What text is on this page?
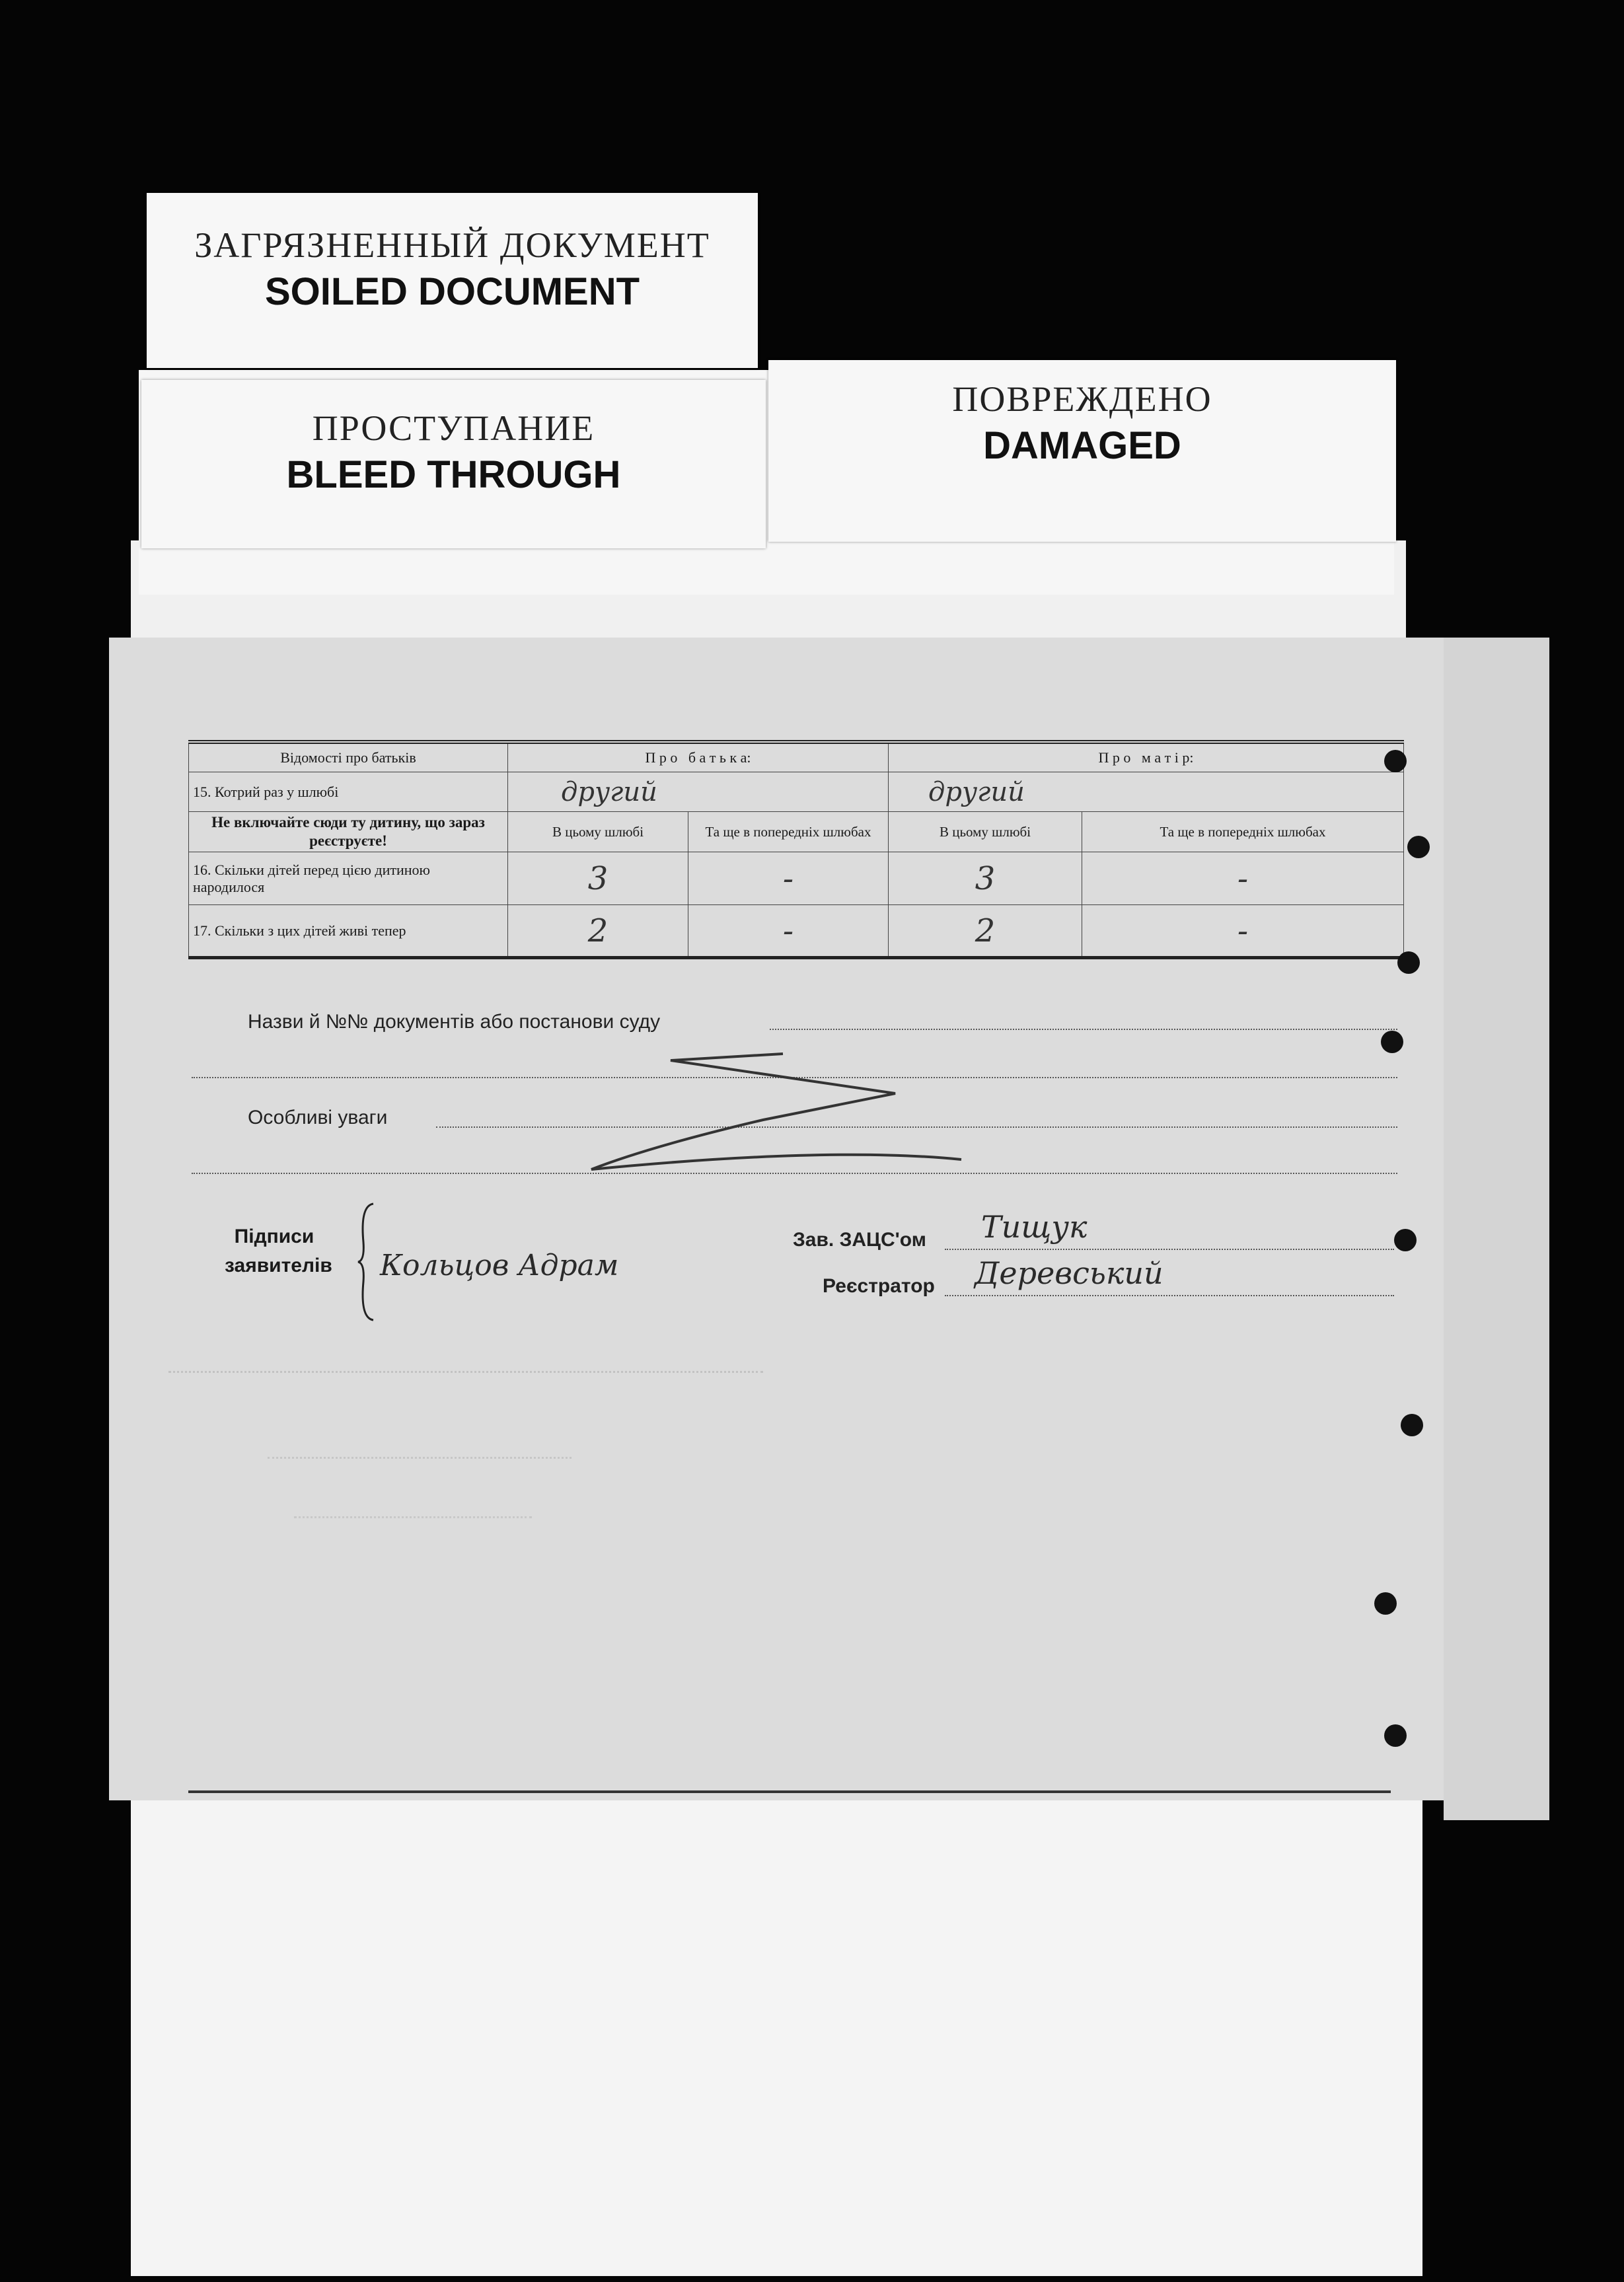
ЗАГРЯЗНЕННЫЙ ДОКУМЕНТ
SOILED DOCUMENT
ПРОСТУПАНИЕ
BLEED THROUGH
ПОВРЕЖДЕНО
DAMAGED
Відомості про батьків	П р о   б а т ь к а:		П р о   м а т і р:	
15. Котрий раз у шлюбі	другий		другий	
Не включайте сюди ту дитину, що зараз реєструєте!	В цьому шлюбі	Та ще в попередніх шлюбах	В цьому шлюбі	Та ще в попередніх шлюбах
16. Скільки дітей перед цією дитиною народилося	3	-	3	-
17. Скільки з цих дітей живі тепер	2	-	2	-
Назви й №№ документів або постанови суду
Особливі уваги
Підписи заявителів Кольцов Адрам
Зав. ЗАЦС'ом Тищук
Реєстратор Деревський
